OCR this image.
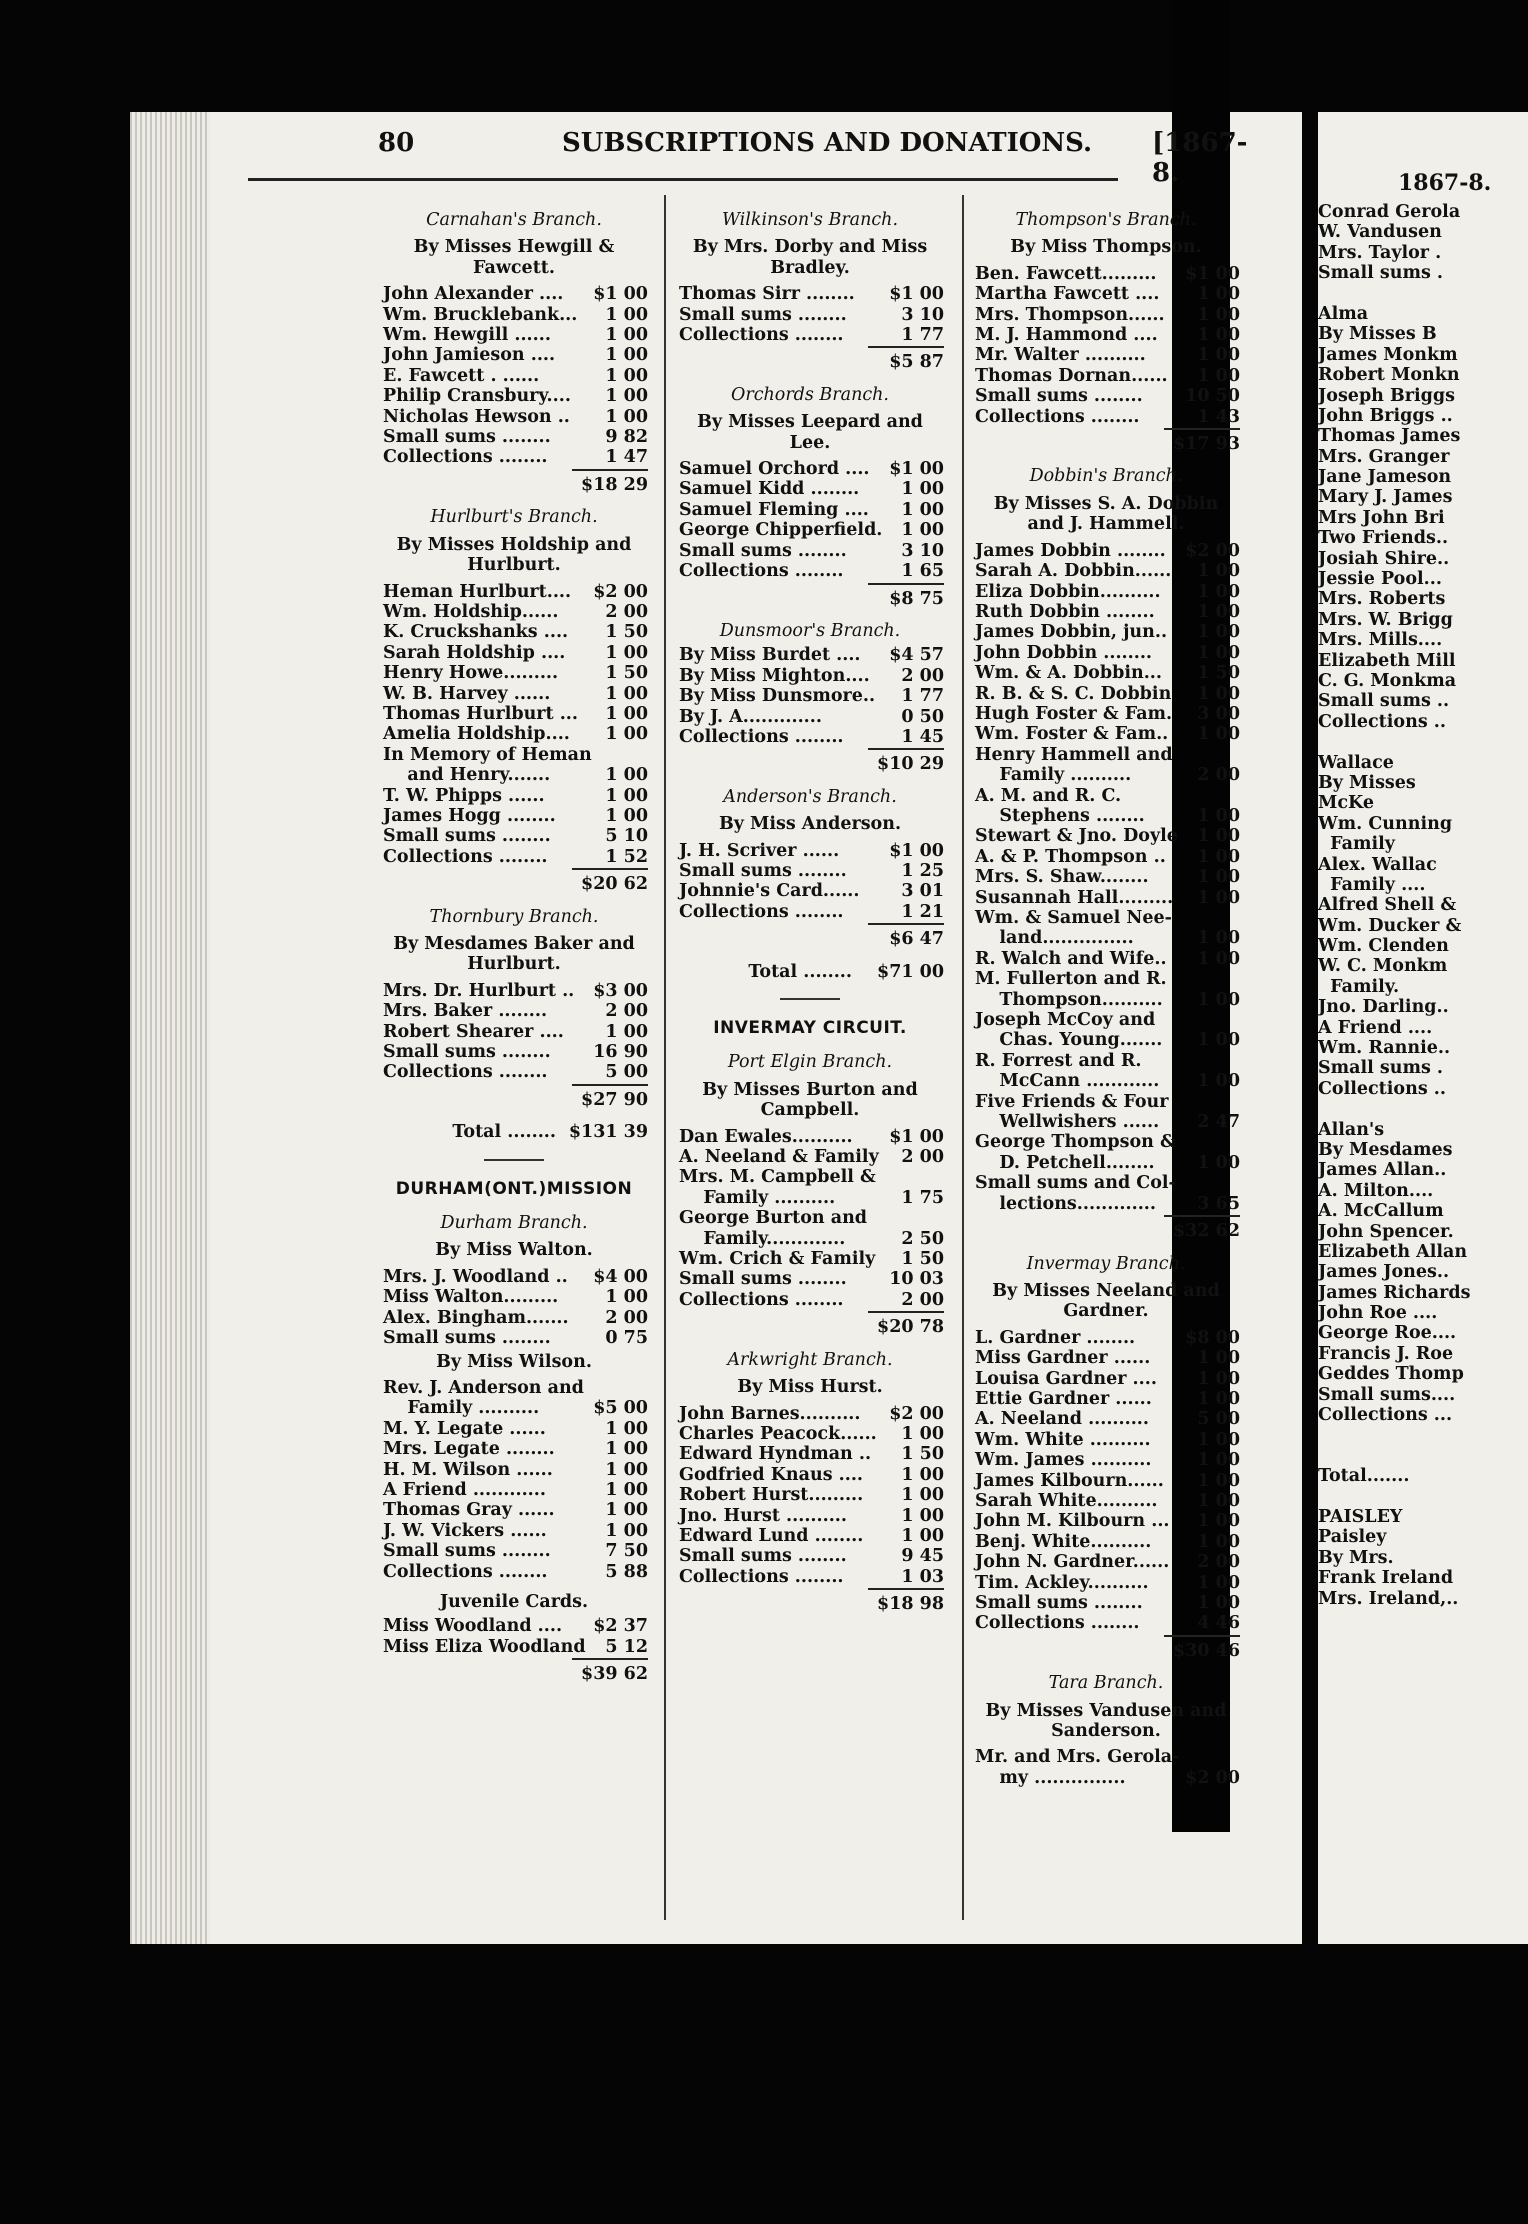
1867-8.
Conrad Gerola
W. Vandusen
Mrs. Taylor .
Small sums .
Alma
By Misses B
James Monkm
Robert Monkn
Joseph Briggs
John Briggs ..
Thomas James
Mrs. Granger
Jane Jameson
Mary J. James
Mrs John Bri
Two Friends..
Josiah Shire..
Jessie Pool...
Mrs. Roberts
Mrs. W. Brigg
Mrs. Mills....
Elizabeth Mill
C. G. Monkma
Small sums ..
Collections ..
Wallace
By Misses
McKe
Wm. Cunning
Family
Alex. Wallac
Family ....
Alfred Shell &
Wm. Ducker &
Wm. Clenden
W. C. Monkm
Family.
Jno. Darling..
A Friend ....
Wm. Rannie..
Small sums .
Collections ..
Allan's
By Mesdames
James Allan..
A. Milton....
A. McCallum
John Spencer.
Elizabeth Allan
James Jones..
James Richards
John Roe ....
George Roe....
Francis J. Roe
Geddes Thomp
Small sums....
Collections ...
Total.......
PAISLEY
Paisley
By Mrs.
Frank Ireland
Mrs. Ireland,..
80	SUBSCRIPTIONS AND DONATIONS. [1867-8.
Carnahan's Branch.
By Misses Hewgill & Fawcett.
John Alexander ....	$1 00
Wm. Brucklebank...	1 00
Wm. Hewgill ......	1 00
John Jamieson ....	1 00
E. Fawcett . ......	1 00
Philip Cransbury....	1 00
Nicholas Hewson ..	1 00
Small sums ........	9 82
Collections ........	1 47
$18 29
Hurlburt's Branch.
By Misses Holdship and Hurlburt.
Heman Hurlburt....	$2 00
Wm. Holdship......	2 00
K. Cruckshanks ....	1 50
Sarah Holdship ....	1 00
Henry Howe.........	1 50
W. B. Harvey ......	1 00
Thomas Hurlburt ...	1 00
Amelia Holdship....	1 00
In Memory of Heman
and Henry.......	1 00
T. W. Phipps ......	1 00
James Hogg ........	1 00
Small sums ........	5 10
Collections ........	1 52
$20 62
Thornbury Branch.
By Mesdames Baker and Hurlburt.
Mrs. Dr. Hurlburt ..	$3 00
Mrs. Baker ........	2 00
Robert Shearer ....	1 00
Small sums ........	16 90
Collections ........	5 00
$27 90
Total ........ $131 39
DURHAM(ONT.)MISSION
Durham Branch.
By Miss Walton.
Mrs. J. Woodland ..	$4 00
Miss Walton.........	1 00
Alex. Bingham.......	2 00
Small sums ........	0 75
By Miss Wilson.
Rev. J. Anderson and
Family ..........	$5 00
M. Y. Legate ......	1 00
Mrs. Legate ........	1 00
H. M. Wilson ......	1 00
A Friend ............	1 00
Thomas Gray ......	1 00
J. W. Vickers ......	1 00
Small sums ........	7 50
Collections ........	5 88
Juvenile Cards.
Miss Woodland ....	$2 37
Miss Eliza Woodland	5 12
$39 62
Wilkinson's Branch.
By Mrs. Dorby and Miss Bradley.
Thomas Sirr ........	$1 00
Small sums ........	3 10
Collections ........	1 77
$5 87
Orchords Branch.
By Misses Leepard and Lee.
Samuel Orchord ....	$1 00
Samuel Kidd ........	1 00
Samuel Fleming ....	1 00
George Chipperfield.	1 00
Small sums ........	3 10
Collections ........	1 65
$8 75
Dunsmoor's Branch.
By Miss Burdet ....	$4 57
By Miss Mighton....	2 00
By Miss Dunsmore..	1 77
By J. A.............	0 50
Collections ........	1 45
$10 29
Anderson's Branch.
By Miss Anderson.
J. H. Scriver ......	$1 00
Small sums ........	1 25
Johnnie's Card......	3 01
Collections ........	1 21
$6 47
Total ........	$71 00
INVERMAY CIRCUIT.
Port Elgin Branch.
By Misses Burton and Campbell.
Dan Ewales..........	$1 00
A. Neeland & Family	2 00
Mrs. M. Campbell &
Family ..........	1 75
George Burton and
Family.............	2 50
Wm. Crich & Family	1 50
Small sums ........	10 03
Collections ........	2 00
$20 78
Arkwright Branch.
By Miss Hurst.
John Barnes..........	$2 00
Charles Peacock......	1 00
Edward Hyndman ..	1 50
Godfried Knaus ....	1 00
Robert Hurst.........	1 00
Jno. Hurst ..........	1 00
Edward Lund ........	1 00
Small sums ........	9 45
Collections ........	1 03
$18 98
Thompson's Branch.
By Miss Thompson.
Ben. Fawcett.........	$1 00
Martha Fawcett ....	1 00
Mrs. Thompson......	1 00
M. J. Hammond ....	1 00
Mr. Walter ..........	1 00
Thomas Dornan......	1 00
Small sums ........	10 50
Collections ........	1 43
$17 93
Dobbin's Branch.
By Misses S. A. Dobbin and J. Hammell.
James Dobbin ........	$2 00
Sarah A. Dobbin......	1 00
Eliza Dobbin..........	1 00
Ruth Dobbin ........	1 00
James Dobbin, jun..	1 00
John Dobbin ........	1 00
Wm. & A. Dobbin...	1 50
R. B. & S. C. Dobbin	1 00
Hugh Foster & Fam.	3 00
Wm. Foster & Fam..	1 00
Henry Hammell and
Family ..........	2 00
A. M. and R. C.
Stephens ........	1 00
Stewart & Jno. Doyle	1 00
A. & P. Thompson ..	1 00
Mrs. S. Shaw........	1 00
Susannah Hall.........	1 00
Wm. & Samuel Nee-
land...............	1 00
R. Walch and Wife..	1 00
M. Fullerton and R.
Thompson..........	1 00
Joseph McCoy and
Chas. Young.......	1 00
R. Forrest and R.
McCann ............	1 00
Five Friends & Four
Wellwishers ......	2 47
George Thompson &
D. Petchell........	1 00
Small sums and Col-
lections.............	3 65
$32 62
Invermay Branch.
By Misses Neeland and Gardner.
L. Gardner ........	$8 00
Miss Gardner ......	1 00
Louisa Gardner ....	1 00
Ettie Gardner ......	1 00
A. Neeland ..........	5 00
Wm. White ..........	1 00
Wm. James ..........	1 00
James Kilbourn......	1 00
Sarah White..........	1 00
John M. Kilbourn ...	1 00
Benj. White..........	1 00
John N. Gardner......	2 00
Tim. Ackley..........	1 00
Small sums ........	1 00
Collections ........	4 46
$30 46
Tara Branch.
By Misses Vandusen and Sanderson.
Mr. and Mrs. Gerola-
my ...............	$2 00
